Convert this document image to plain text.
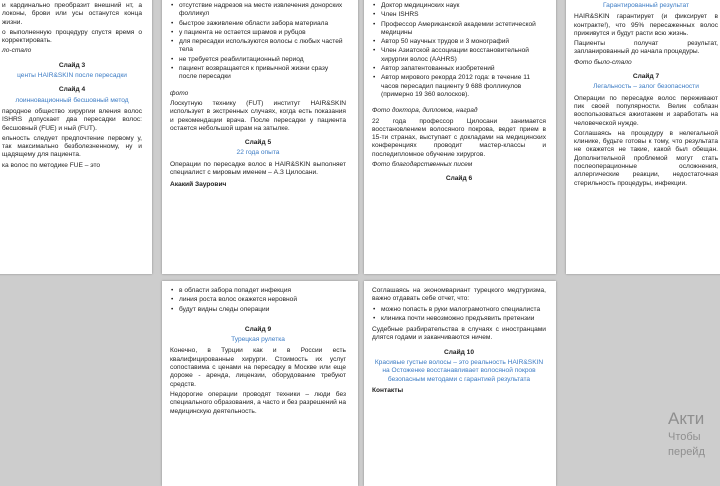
и кардинально преобразит внешний нт, а локоны, брови или усы останутся конца жизни.

о выполненную процедуру спустя время о корректировать.

ло-стало

Слайд 3
центы HAIR&SKIN после пересадки
Слайд 4
лоинновационный бесшовный метод

пародное общество хирургии вления волос ISHRS допускает два пересадки волос: бесшовный (FUE) и ный (FUT).

ельность следует предпочтение первому у, так максимально безболезненному, ну и щадящему для пациента.

ка волос по методике FUE – это

• отсутствие надрезов на месте извлечения донорских фолликул
• быстрое заживление области забора материала
• у пациента не остается шрамов и рубцов
• для пересадки используются волосы с любых частей тела
• не требуется реабилитационный период
• пациент возвращается к привычной жизни сразу после пересадки

фото

Лоскутную технику (FUT) институт HAIR&SKIN использует в экстренных случаях, когда есть показания и рекомендации врача. После пересадки у пациента остается небольшой шрам на затылке.

Слайд 5
22 года опыта

Операции по пересадке волос в HAIR&SKIN выполняет специалист с мировым именем – А.З Цилосани.

Акакий Заурович

• Доктор медицинских наук
• Член ISHRS
• Профессор Американской академии эстетической медицины
• Автор 50 научных трудов и 3 монографий
• Член Азиатской ассоциации восстановительной хирургии волос (AAHRS)
• Автор запатентованных изобретений
• Автор мирового рекорда 2012 года: в течение 11 часов пересадил пациенту 9 688 фолликулов (примерно 19 360 волосков).

Фото доктора, дипломов, наград

22 года профессор Цилосани занимается восстановлением волосяного покрова, ведет прием в 15-ти странах, выступает с докладами на медицинских конференциях проводит мастер-классы и последипломное обучение хирургов.

Фото благодарственных писем

Слайд 6
Гарантированный результат

HAIR&SKIN гарантирует (и фиксирует в контракте!), что 95% пересаженных волос приживутся и будут расти всю жизнь.

Пациенты получат результат, запланированный до начала процедуры.

Фото было-стало

Слайд 7
Легальность – залог безопасности

Операции по пересадке волос переживают пик своей популярности. Велик соблазн воспользоваться ажиотажем и заработать на человеческой нужде.

Соглашаясь на процедуру в нелегальной клинике, будьте готовы к тому, что результата не окажется не такие, какой был обещан. Дополнительной проблемой могут стать послеоперационные осложнения, аллергические реакции, недостаточная стерильность процедуры, инфекции.

• в области забора попадет инфекция
• линия роста волос окажется неровной
• будут видны следы операции
Слайд 9
Турецкая рулетка

Конечно, в Турции как и в России есть квалифицированные хирурги. Стоимость их услуг сопоставима с ценами на пересадку в Москве или еще дороже - аренда, лицензии, оборудование требуют средств.

Недорогие операции проводят техники – люди без специального образования, а часто и без разрешений на медицинскую деятельность.

Соглашаясь на экономвариант турецкого медтуризма, важно отдавать себе отчет, что:

• можно попасть в руки малограмотного специалиста
• клиника почти невозможно предъявить претензии

Судебные разбирательства в случаях с иностранцами длятся годами и заканчиваются ничем.

Слайд 10
Красивые густые волосы – это реальность HAIR&SKIN на Остоженке восстанавливает волосяной покров безопасным методами с гарантией результата

Контакты

Акти
Чтобы
перейд
